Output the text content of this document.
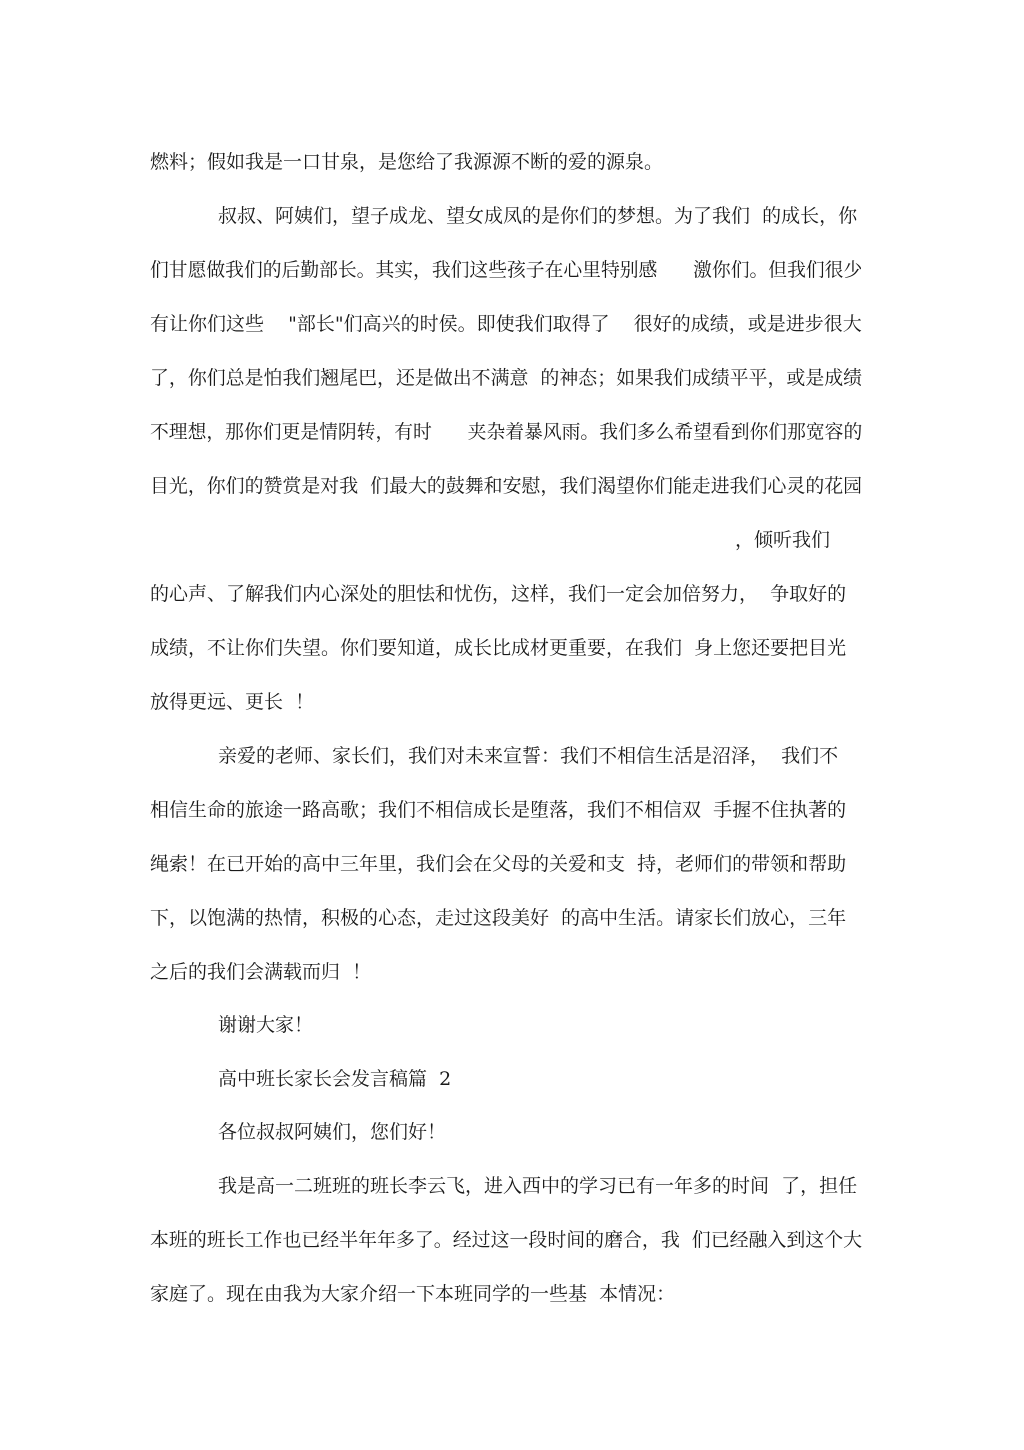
燃料；假如我是一口甘泉，是您给了我源源不断的爱的源泉。

叔叔、阿姨们，望子成龙、望女成凤的是你们的梦想。为了我们  的成长，你

们甘愿做我们的后勤部长。其实，我们这些孩子在心里特别感      激你们。但我们很少

有让你们这些    "部长"们高兴的时侯。即使我们取得了    很好的成绩，或是进步很大

了，你们总是怕我们翘尾巴，还是做出不满意  的神态；如果我们成绩平平，或是成绩

不理想，那你们更是情阴转，有时      夹杂着暴风雨。我们多么希望看到你们那宽容的

目光，你们的赞赏是对我  们最大的鼓舞和安慰，我们渴望你们能走进我们心灵的花园

，倾听我们

的心声、了解我们内心深处的胆怯和忧伤，这样，我们一定会加倍努力，  争取好的

成绩，不让你们失望。你们要知道，成长比成材更重要，在我们  身上您还要把目光

放得更远、更长  ！

亲爱的老师、家长们，我们对未来宣誓：我们不相信生活是沼泽，  我们不

相信生命的旅途一路高歌；我们不相信成长是堕落，我们不相信双  手握不住执著的

绳索！在已开始的高中三年里，我们会在父母的关爱和支  持，老师们的带领和帮助

下，以饱满的热情，积极的心态，走过这段美好  的高中生活。请家长们放心，三年

之后的我们会满载而归  ！

谢谢大家！

高中班长家长会发言稿篇  2

各位叔叔阿姨们，您们好！

我是高一二班班的班长李云飞，进入西中的学习已有一年多的时间  了，担任

本班的班长工作也已经半年年多了。经过这一段时间的磨合，我  们已经融入到这个大

家庭了。现在由我为大家介绍一下本班同学的一些基  本情况：
